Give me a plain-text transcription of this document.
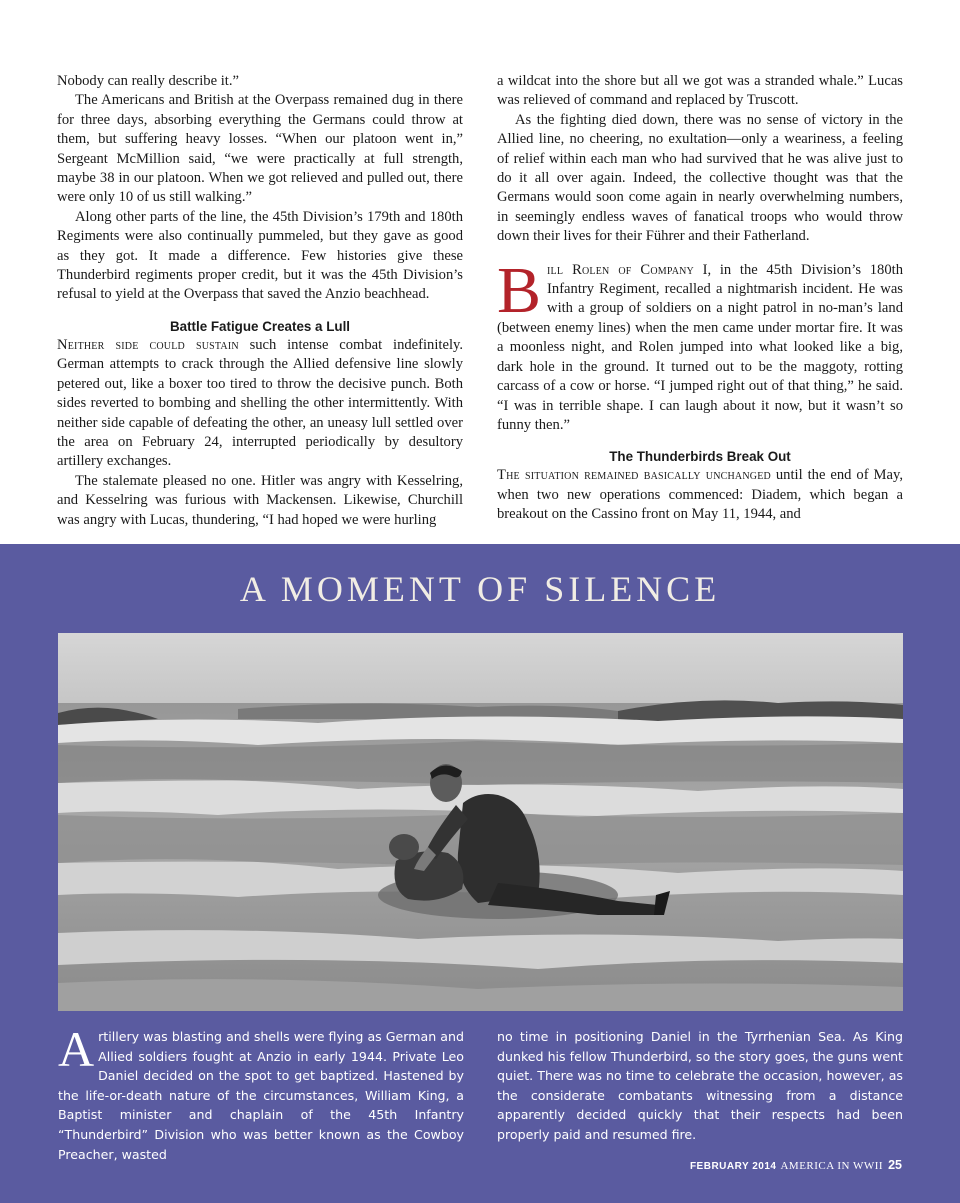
Nobody can really describe it.”

The Americans and British at the Overpass remained dug in there for three days, absorbing everything the Germans could throw at them, but suffering heavy losses. “When our platoon went in,” Sergeant McMillion said, “we were practically at full strength, maybe 38 in our platoon. When we got relieved and pulled out, there were only 10 of us still walking.”

Along other parts of the line, the 45th Division’s 179th and 180th Regiments were also continually pummeled, but they gave as good as they got. It made a difference. Few histories give these Thunderbird regiments proper credit, but it was the 45th Division’s refusal to yield at the Overpass that saved the Anzio beachhead.

Battle Fatigue Creates a Lull

Neither side could sustain such intense combat indefinitely. German attempts to crack through the Allied defensive line slowly petered out, like a boxer too tired to throw the decisive punch. Both sides reverted to bombing and shelling the other intermittently. With neither side capable of defeating the other, an uneasy lull settled over the area on February 24, interrupted periodically by desultory artillery exchanges.

The stalemate pleased no one. Hitler was angry with Kesselring, and Kesselring was furious with Mackensen. Likewise, Churchill was angry with Lucas, thundering, “I had hoped we were hurling

a wildcat into the shore but all we got was a stranded whale.” Lucas was relieved of command and replaced by Truscott.

As the fighting died down, there was no sense of victory in the Allied line, no cheering, no exultation—only a weariness, a feeling of relief within each man who had survived that he was alive just to do it all over again. Indeed, the collective thought was that the Germans would soon come again in nearly overwhelming numbers, in seemingly endless waves of fanatical troops who would throw down their lives for their Führer and their Fatherland.

Bill Rolen of Company I, in the 45th Division’s 180th Infantry Regiment, recalled a nightmarish incident. He was with a group of soldiers on a night patrol in no-man’s land (between enemy lines) when the men came under mortar fire. It was a moonless night, and Rolen jumped into what looked like a big, dark hole in the ground. It turned out to be the maggoty, rotting carcass of a cow or horse. “I jumped right out of that thing,” he said. “I was in terrible shape. I can laugh about it now, but it wasn’t so funny then.”

The Thunderbirds Break Out

The situation remained basically unchanged until the end of May, when two new operations commenced: Diadem, which began a breakout on the Cassino front on May 11, 1944, and

A MOMENT OF SILENCE

Artillery was blasting and shells were flying as German and Allied soldiers fought at Anzio in early 1944. Private Leo Daniel decided on the spot to get baptized. Hastened by the life-or-death nature of the circumstances, William King, a Baptist minister and chaplain of the 45th Infantry “Thunderbird” Division who was better known as the Cowboy Preacher, wasted

no time in positioning Daniel in the Tyrrhenian Sea. As King dunked his fellow Thunderbird, so the story goes, the guns went quiet. There was no time to celebrate the occasion, however, as the considerate combatants witnessing from a distance apparently decided quickly that their respects had been properly paid and resumed fire.

FEBRUARY 2014 AMERICA IN WWII 25
